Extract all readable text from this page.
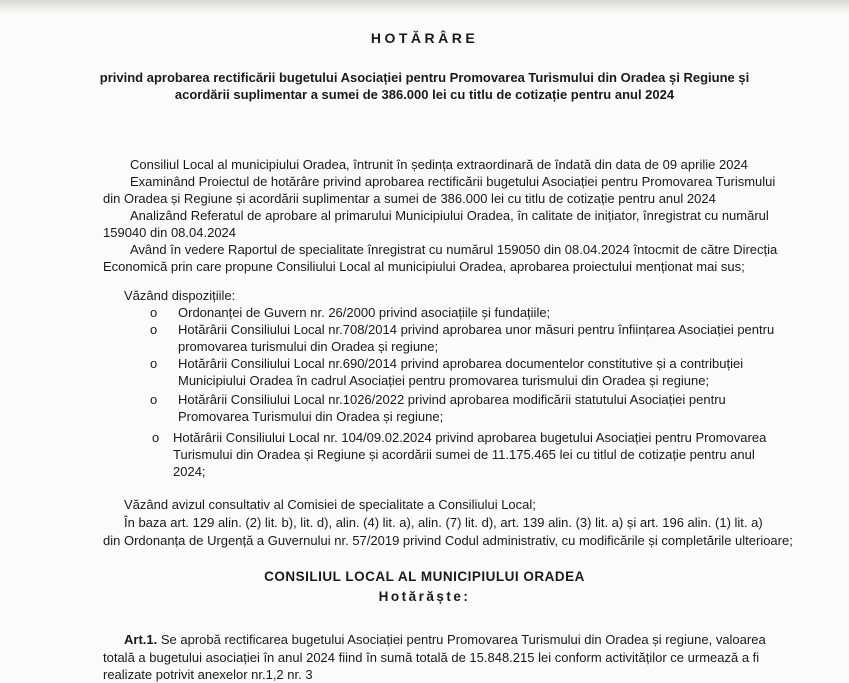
HOTĂRÂRE
privind aprobarea rectificării bugetului Asociației pentru Promovarea Turismului din Oradea și Regiune și
acordării suplimentar a sumei de 386.000 lei cu titlu de cotizație pentru anul 2024
Consiliul Local al municipiului Oradea, întrunit în ședința extraordinară de îndată din data de 09 aprilie 2024
Examinând Proiectul de hotărâre privind aprobarea rectificării bugetului Asociației pentru Promovarea Turismului
din Oradea și Regiune și acordării suplimentar a sumei de 386.000 lei cu titlu de cotizație pentru anul 2024
Analizând Referatul de aprobare al primarului Municipiului Oradea, în calitate de inițiator, înregistrat cu numărul
159040 din 08.04.2024
Având în vedere Raportul de specialitate înregistrat cu numărul 159050 din 08.04.2024 întocmit de către Direcția
Economică prin care propune Consiliului Local al municipiului Oradea, aprobarea proiectului menționat mai sus;
Văzând dispozițiile:
o Ordonanței de Guvern nr. 26/2000 privind asociațiile și fundațiile;
o Hotărârii Consiliului Local nr.708/2014 privind aprobarea unor măsuri pentru înființarea Asociației pentru
promovarea turismului din Oradea și regiune;
o Hotărârii Consiliului Local nr.690/2014 privind aprobarea documentelor constitutive și a contribuției
Municipiului Oradea în cadrul Asociației pentru promovarea turismului din Oradea și regiune;
o Hotărârii Consiliului Local nr.1026/2022 privind aprobarea modificării statutului Asociației pentru
Promovarea Turismului din Oradea și regiune;
o Hotărârii Consiliului Local nr. 104/09.02.2024 privind aprobarea bugetului Asociației pentru Promovarea
Turismului din Oradea și Regiune și acordării sumei de 11.175.465 lei cu titlul de cotizație pentru anul
2024;
Văzând avizul consultativ al Comisiei de specialitate a Consiliului Local;
În baza art. 129 alin. (2) lit. b), lit. d), alin. (4) lit. a), alin. (7) lit. d), art. 139 alin. (3) lit. a) și art. 196 alin. (1) lit. a)
din Ordonanța de Urgență a Guvernului nr. 57/2019 privind Codul administrativ, cu modificările și completările ulterioare;
CONSILIUL LOCAL AL MUNICIPIULUI ORADEA
Hotărăște:
Art.1. Se aprobă rectificarea bugetului Asociației pentru Promovarea Turismului din Oradea și regiune, valoarea
totală a bugetului asociației în anul 2024 fiind în sumă totală de 15.848.215 lei conform activităților ce urmează a fi
realizate potrivit anexelor nr.1,2 nr. 3
